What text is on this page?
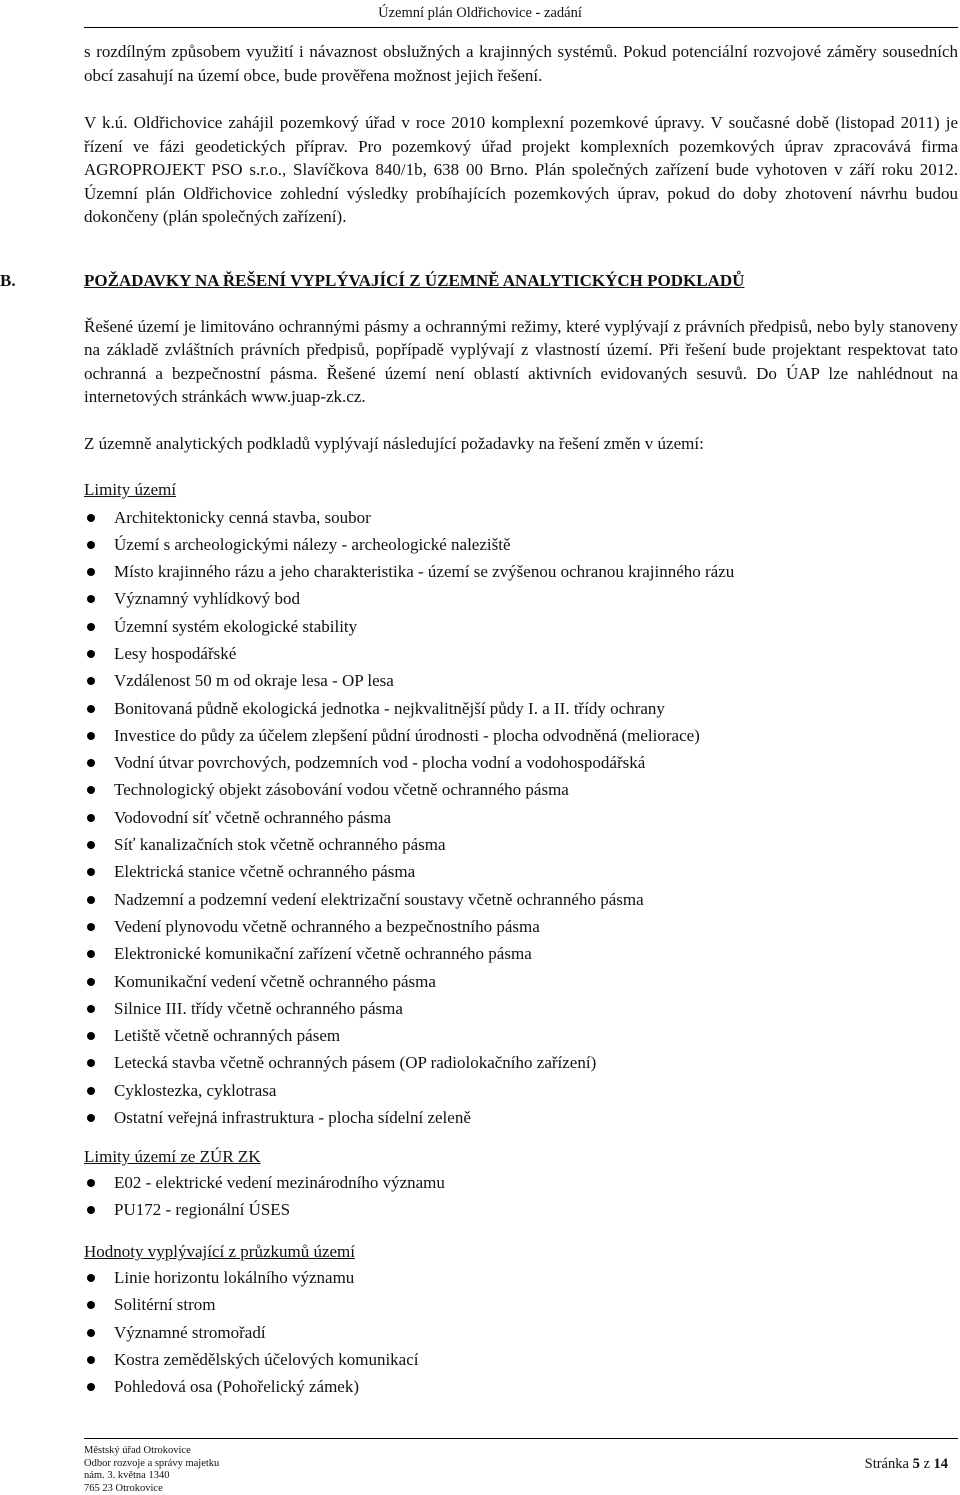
Územní plán Oldřichovice - zadání

s rozdílným způsobem využití i návaznost obslužných a krajinných systémů. Pokud potenciální rozvojové záměry sousedních obcí zasahují na území obce, bude prověřena možnost jejich řešení.

V k.ú. Oldřichovice zahájil pozemkový úřad v roce 2010 komplexní pozemkové úpravy. V současné době (listopad 2011) je řízení ve fázi geodetických příprav. Pro pozemkový úřad projekt komplexních pozemkových úprav zpracovává firma AGROPROJEKT PSO s.r.o., Slavíčkova 840/1b, 638 00 Brno. Plán společných zařízení bude vyhotoven v září roku 2012. Územní plán Oldřichovice zohlední výsledky probíhajících pozemkových úprav, pokud do doby zhotovení návrhu budou dokončeny (plán společných zařízení).

B.	POŽADAVKY NA ŘEŠENÍ VYPLÝVAJÍCÍ Z ÚZEMNĚ ANALYTICKÝCH PODKLADŮ

Řešené území je limitováno ochrannými pásmy a ochrannými režimy, které vyplývají z právních předpisů, nebo byly stanoveny na základě zvláštních právních předpisů, popřípadě vyplývají z vlastností území. Při řešení bude projektant respektovat tato ochranná a bezpečnostní pásma. Řešené území není oblastí aktivních evidovaných sesuvů. Do ÚAP lze nahlédnout na internetových stránkách www.juap-zk.cz.

Z územně analytických podkladů vyplývají následující požadavky na řešení změn v území:

Limity území

Architektonicky cenná stavba, soubor
Území s archeologickými nálezy - archeologické naleziště
Místo krajinného rázu a jeho charakteristika - území se zvýšenou ochranou krajinného rázu
Významný vyhlídkový bod
Územní systém ekologické stability
Lesy hospodářské
Vzdálenost 50 m od okraje lesa - OP lesa
Bonitovaná půdně ekologická jednotka - nejkvalitnější půdy I. a II. třídy ochrany
Investice do půdy za účelem zlepšení půdní úrodnosti - plocha odvodněná (meliorace)
Vodní útvar povrchových, podzemních vod - plocha vodní a vodohospodářská
Technologický objekt zásobování vodou včetně ochranného pásma
Vodovodní síť včetně ochranného pásma
Síť kanalizačních stok včetně ochranného pásma
Elektrická stanice včetně ochranného pásma
Nadzemní a podzemní vedení elektrizační soustavy včetně ochranného pásma
Vedení plynovodu včetně ochranného a bezpečnostního pásma
Elektronické komunikační zařízení včetně ochranného pásma
Komunikační vedení včetně ochranného pásma
Silnice III. třídy včetně ochranného pásma
Letiště včetně ochranných pásem
Letecká stavba včetně ochranných pásem (OP radiolokačního zařízení)
Cyklostezka, cyklotrasa
Ostatní veřejná infrastruktura - plocha sídelní zeleně

Limity území ze ZÚR ZK

E02 - elektrické vedení mezinárodního významu
PU172 - regionální ÚSES

Hodnoty vyplývající z průzkumů území

Linie horizontu lokálního významu
Solitérní strom
Významné stromořadí
Kostra zemědělských účelových komunikací
Pohledová osa (Pohořelický zámek)
Městský úřad Otrokovice
Odbor rozvoje a správy majetku
nám. 3. května 1340
765 23 Otrokovice
Stránka 5 z 14
